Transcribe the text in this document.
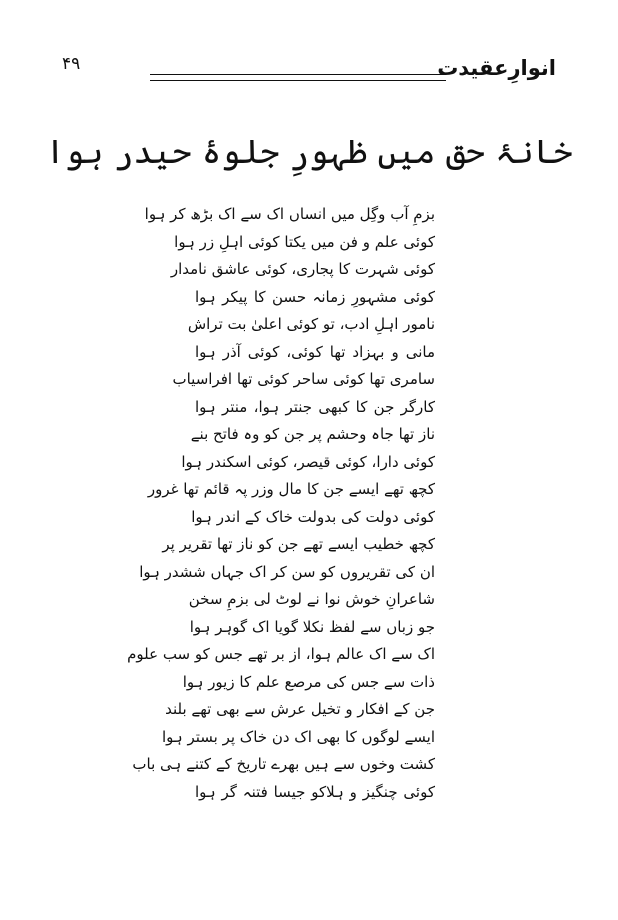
۴۹	انوارِعقیدت
خانۂ حق میں ظہورِ جلوۂ حیدر ہوا
بزمِ آب وگِل میں انساں اک سے اک بڑھ کر ہوا
کوئی علم و فن میں یکتا کوئی اہلِ زر ہوا
کوئی شہرت کا پجاری، کوئی عاشق نامدار
کوئی مشہورِ زمانہ حسن کا پیکر ہوا
نامور اہلِ ادب، تو کوئی اعلیٰ بت تراش
مانی و بہزاد تھا کوئی، کوئی آذر ہوا
سامری تھا کوئی ساحر کوئی تھا افراسیاب
کارگر جن کا کبھی جنتر ہوا، منتر ہوا
ناز تھا جاہ وحشم پر جن کو وہ فاتح بنے
کوئی دارا، کوئی قیصر، کوئی اسکندر ہوا
کچھ تھے ایسے جن کا مال وزر پہ قائم تھا غرور
کوئی دولت کی بدولت خاک کے اندر ہوا
کچھ خطیب ایسے تھے جن کو ناز تھا تقریر پر
ان کی تقریروں کو سن کر اک جہاں ششدر ہوا
شاعرانِ خوش نوا نے لوٹ لی بزمِ سخن
جو زباں سے لفظ نکلا گویا اک گوہر ہوا
اک سے اک عالم ہوا، از بر تھے جس کو سب علوم
ذات سے جس کی مرصع علم کا زیور ہوا
جن کے افکار و تخیل عرش سے بھی تھے بلند
ایسے لوگوں کا بھی اک دن خاک پر بستر ہوا
کشت وخوں سے ہیں بھرے تاریخ کے کتنے ہی باب
کوئی چنگیز و ہلاکو جیسا فتنہ گر ہوا
